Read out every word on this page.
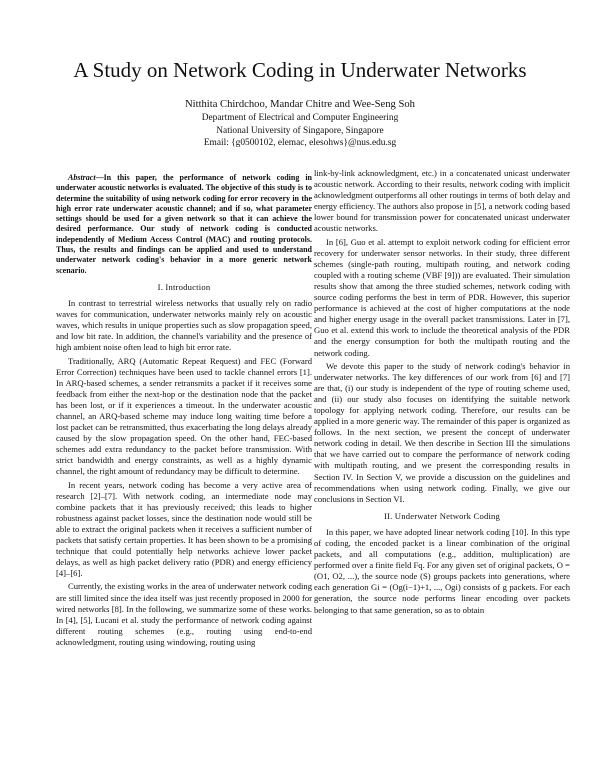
A Study on Network Coding in Underwater Networks
Nitthita Chirdchoo, Mandar Chitre and Wee-Seng Soh
Department of Electrical and Computer Engineering
National University of Singapore, Singapore
Email: {g0500102, elemac, elesohws}@nus.edu.sg
Abstract—In this paper, the performance of network coding in underwater acoustic networks is evaluated. The objective of this study is to determine the suitability of using network coding for error recovery in the high error rate underwater acoustic channel; and if so, what parameter settings should be used for a given network so that it can achieve the desired performance. Our study of network coding is conducted independently of Medium Access Control (MAC) and routing protocols. Thus, the results and findings can be applied and used to understand underwater network coding's behavior in a more generic network scenario.
I. Introduction
In contrast to terrestrial wireless networks that usually rely on radio waves for communication, underwater networks mainly rely on acoustic waves, which results in unique properties such as slow propagation speed, and low bit rate. In addition, the channel's variability and the presence of high ambient noise often lead to high bit error rate.
Traditionally, ARQ (Automatic Repeat Request) and FEC (Forward Error Correction) techniques have been used to tackle channel errors [1]. In ARQ-based schemes, a sender retransmits a packet if it receives some feedback from either the next-hop or the destination node that the packet has been lost, or if it experiences a timeout. In the underwater acoustic channel, an ARQ-based scheme may induce long waiting time before a lost packet can be retransmitted, thus exacerbating the long delays already caused by the slow propagation speed. On the other hand, FEC-based schemes add extra redundancy to the packet before transmission. With strict bandwidth and energy constraints, as well as a highly dynamic channel, the right amount of redundancy may be difficult to determine.
In recent years, network coding has become a very active area of research [2]–[7]. With network coding, an intermediate node may combine packets that it has previously received; this leads to higher robustness against packet losses, since the destination node would still be able to extract the original packets when it receives a sufficient number of packets that satisfy certain properties. It has been shown to be a promising technique that could potentially help networks achieve lower packet delays, as well as high packet delivery ratio (PDR) and energy efficiency [4]–[6].
Currently, the existing works in the area of underwater network coding are still limited since the idea itself was just recently proposed in 2000 for wired networks [8]. In the following, we summarize some of these works. In [4], [5], Lucani et al. study the performance of network coding against different routing schemes (e.g., routing using end-to-end acknowledgment, routing using windowing, routing using
link-by-link acknowledgment, etc.) in a concatenated unicast underwater acoustic network. According to their results, network coding with implicit acknowledgment outperforms all other routings in terms of both delay and energy efficiency. The authors also propose in [5], a network coding based lower bound for transmission power for concatenated unicast underwater acoustic networks.
In [6], Guo et al. attempt to exploit network coding for efficient error recovery for underwater sensor networks. In their study, three different schemes (single-path routing, multipath routing, and network coding coupled with a routing scheme (VBF [9])) are evaluated. Their simulation results show that among the three studied schemes, network coding with source coding performs the best in term of PDR. However, this superior performance is achieved at the cost of higher computations at the node and higher energy usage in the overall packet transmissions. Later in [7], Guo et al. extend this work to include the theoretical analysis of the PDR and the energy consumption for both the multipath routing and the network coding.
We devote this paper to the study of network coding's behavior in underwater networks. The key differences of our work from [6] and [7] are that, (i) our study is independent of the type of routing scheme used, and (ii) our study also focuses on identifying the suitable network topology for applying network coding. Therefore, our results can be applied in a more generic way. The remainder of this paper is organized as follows. In the next section, we present the concept of underwater network coding in detail. We then describe in Section III the simulations that we have carried out to compare the performance of network coding with multipath routing, and we present the corresponding results in Section IV. In Section V, we provide a discussion on the guidelines and recommendations when using network coding. Finally, we give our conclusions in Section VI.
II. Underwater Network Coding
In this paper, we have adopted linear network coding [10]. In this type of coding, the encoded packet is a linear combination of the original packets, and all computations (e.g., addition, multiplication) are performed over a finite field Fq. For any given set of original packets, O = (O1, O2, ...), the source node (S) groups packets into generations, where each generation Gi = (Og(i−1)+1, ..., Ogi) consists of g packets. For each generation, the source node performs linear encoding over packets belonging to that same generation, so as to obtain
